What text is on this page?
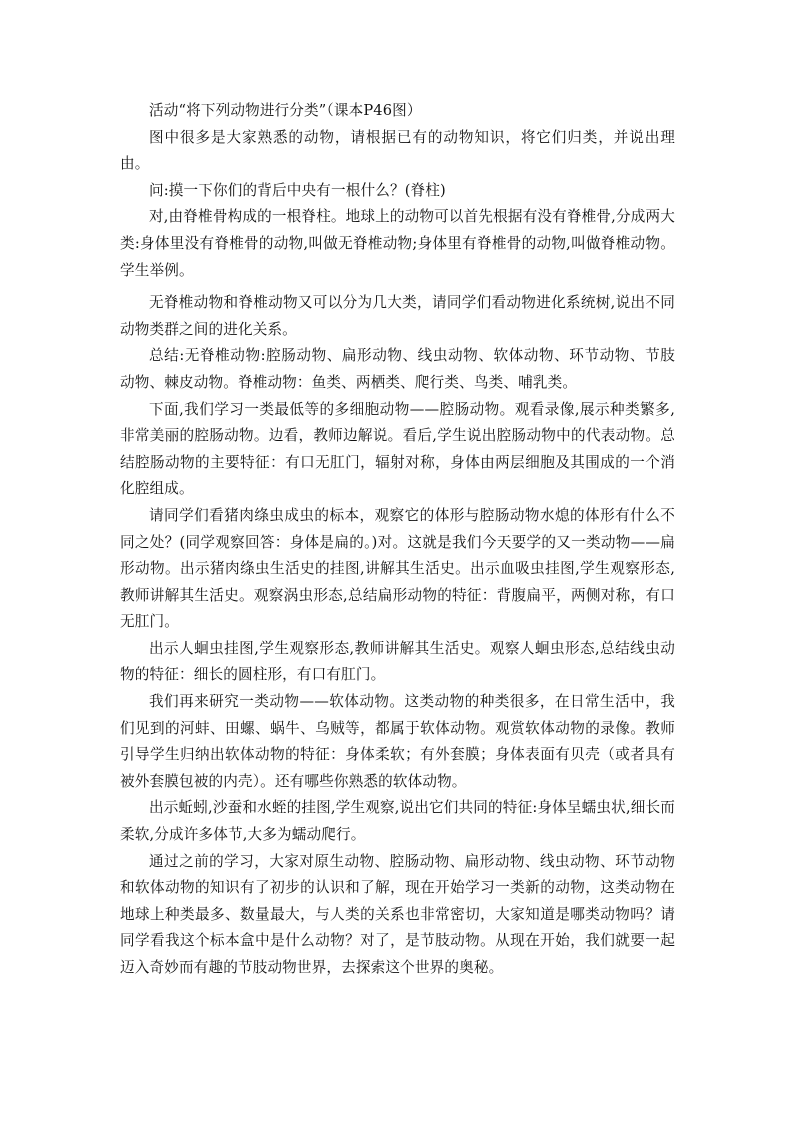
活动“将下列动物进行分类”（课本P46图）

图中很多是大家熟悉的动物，请根据已有的动物知识，将它们归类，并说出理由。

问:摸一下你们的背后中央有一根什么？(脊柱)

对,由脊椎骨构成的一根脊柱。地球上的动物可以首先根据有没有脊椎骨,分成两大类:身体里没有脊椎骨的动物,叫做无脊椎动物;身体里有脊椎骨的动物,叫做脊椎动物。学生举例。

无脊椎动物和脊椎动物又可以分为几大类，请同学们看动物进化系统树,说出不同动物类群之间的进化关系。

总结:无脊椎动物:腔肠动物、扁形动物、线虫动物、软体动物、环节动物、节肢动物、棘皮动物。脊椎动物：鱼类、两栖类、爬行类、鸟类、哺乳类。

下面,我们学习一类最低等的多细胞动物——腔肠动物。观看录像,展示种类繁多,非常美丽的腔肠动物。边看，教师边解说。看后,学生说出腔肠动物中的代表动物。总结腔肠动物的主要特征：有口无肛门，辐射对称，身体由两层细胞及其围成的一个消化腔组成。

请同学们看猪肉绦虫成虫的标本，观察它的体形与腔肠动物水熄的体形有什么不同之处？(同学观察回答：身体是扁的。)对。这就是我们今天要学的又一类动物——扁形动物。出示猪肉绦虫生活史的挂图,讲解其生活史。出示血吸虫挂图,学生观察形态,教师讲解其生活史。观察涡虫形态,总结扁形动物的特征：背腹扁平，两侧对称，有口无肛门。

出示人蛔虫挂图,学生观察形态,教师讲解其生活史。观察人蛔虫形态,总结线虫动物的特征：细长的圆柱形，有口有肛门。

我们再来研究一类动物——软体动物。这类动物的种类很多，在日常生活中，我们见到的河蚌、田螺、蜗牛、乌贼等，都属于软体动物。观赏软体动物的录像。教师引导学生归纳出软体动物的特征：身体柔软；有外套膜；身体表面有贝壳（或者具有被外套膜包被的内壳）。还有哪些你熟悉的软体动物。

出示蚯蚓,沙蚕和水蛭的挂图,学生观察,说出它们共同的特征:身体呈蠕虫状,细长而柔软,分成许多体节,大多为蠕动爬行。

通过之前的学习，大家对原生动物、腔肠动物、扁形动物、线虫动物、环节动物和软体动物的知识有了初步的认识和了解，现在开始学习一类新的动物，这类动物在地球上种类最多、数量最大，与人类的关系也非常密切，大家知道是哪类动物吗？请同学看我这个标本盒中是什么动物？对了，是节肢动物。从现在开始，我们就要一起迈入奇妙而有趣的节肢动物世界，去探索这个世界的奥秘。
